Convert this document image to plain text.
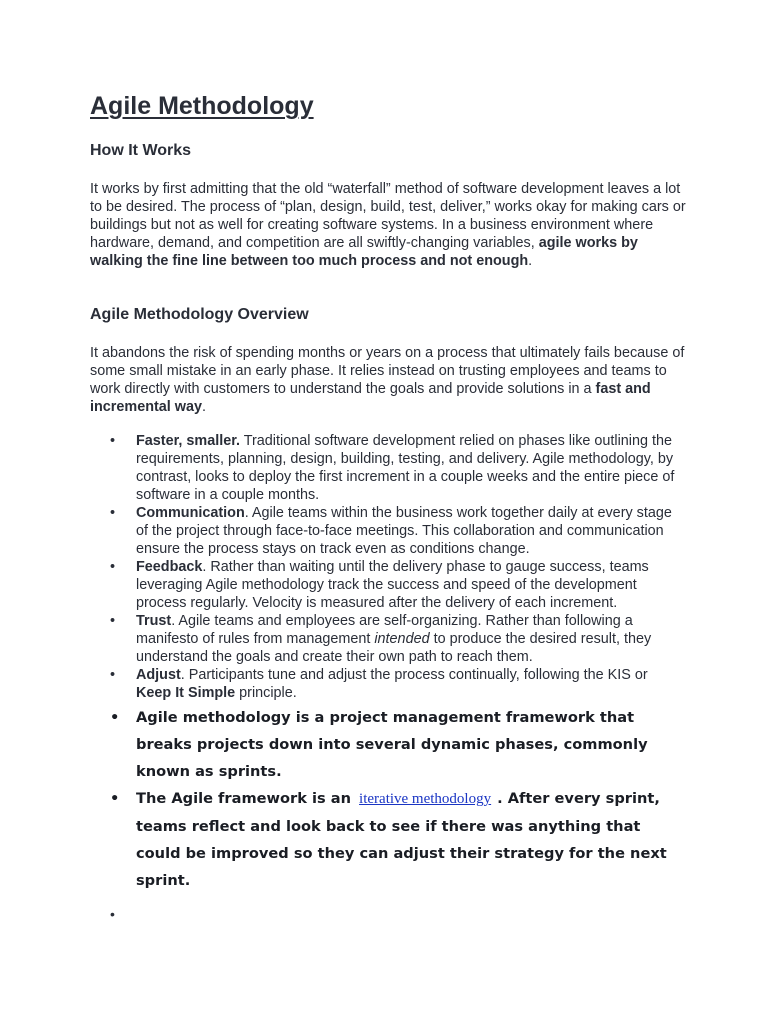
Agile Methodology
How It Works

It works by first admitting that the old “waterfall” method of software development leaves a lot to be desired. The process of “plan, design, build, test, deliver,” works okay for making cars or buildings but not as well for creating software systems. In a business environment where hardware, demand, and competition are all swiftly-changing variables, agile works by walking the fine line between too much process and not enough.

Agile Methodology Overview

It abandons the risk of spending months or years on a process that ultimately fails because of some small mistake in an early phase. It relies instead on trusting employees and teams to work directly with customers to understand the goals and provide solutions in a fast and incremental way.

• Faster, smaller. Traditional software development relied on phases like outlining the requirements, planning, design, building, testing, and delivery. Agile methodology, by contrast, looks to deploy the first increment in a couple weeks and the entire piece of software in a couple months.
• Communication. Agile teams within the business work together daily at every stage of the project through face-to-face meetings. This collaboration and communication ensure the process stays on track even as conditions change.
• Feedback. Rather than waiting until the delivery phase to gauge success, teams leveraging Agile methodology track the success and speed of the development process regularly. Velocity is measured after the delivery of each increment.
• Trust. Agile teams and employees are self-organizing. Rather than following a manifesto of rules from management intended to produce the desired result, they understand the goals and create their own path to reach them.
• Adjust. Participants tune and adjust the process continually, following the KIS or Keep It Simple principle.
• Agile methodology is a project management framework that breaks projects down into several dynamic phases, commonly known as sprints.
• The Agile framework is an iterative methodology . After every sprint, teams reflect and look back to see if there was anything that could be improved so they can adjust their strategy for the next sprint.
•
